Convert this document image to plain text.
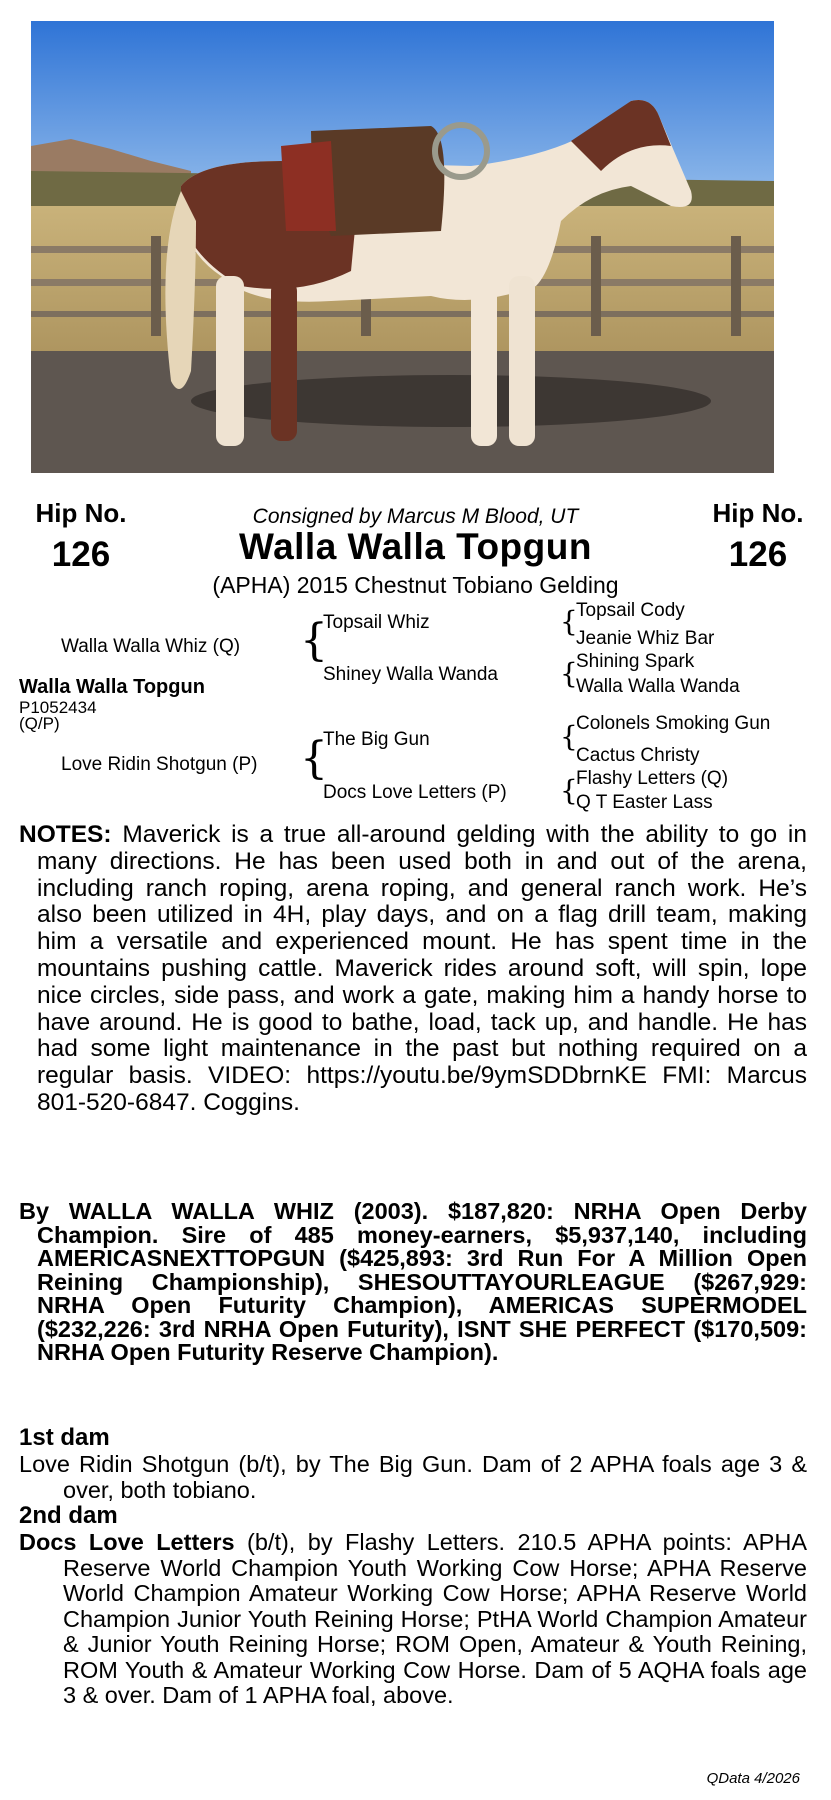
Hip No.
126
Hip No.
126
Consigned by Marcus M Blood, UT
Walla Walla Topgun
(APHA) 2015 Chestnut Tobiano Gelding
Walla Walla Whiz (Q)
Love Ridin Shotgun (P)
Walla Walla Topgun
P1052434
(Q/P)
{
{
Topsail Whiz
Shiney Walla Wanda
The Big Gun
Docs Love Letters (P)
{
{
{
{
Topsail Cody
Jeanie Whiz Bar
Shining Spark
Walla Walla Wanda
Colonels Smoking Gun
Cactus Christy
Flashy Letters (Q)
Q T Easter Lass
NOTES: Maverick is a true all-around gelding with the ability to go in many directions. He has been used both in and out of the arena, including ranch roping, arena roping, and general ranch work. He’s also been utilized in 4H, play days, and on a flag drill team, making him a versatile and experienced mount. He has spent time in the mountains pushing cattle. Maverick rides around soft, will spin, lope nice circles, side pass, and work a gate, making him a handy horse to have around. He is good to bathe, load, tack up, and handle. He has had some light maintenance in the past but nothing required on a regular basis. VIDEO: https://youtu.be/9ymSDDbrnKE FMI: Marcus 801-520-6847. Coggins.
By WALLA WALLA WHIZ (2003). $187,820: NRHA Open Derby Champion. Sire of 485 money-earners, $5,937,140, including AMERICASNEXTTOPGUN ($425,893: 3rd Run For A Million Open Reining Championship), SHESOUTTAYOURLEAGUE ($267,929: NRHA Open Futurity Champion), AMERICAS SUPERMODEL ($232,226: 3rd NRHA Open Futurity), ISNT SHE PERFECT ($170,509: NRHA Open Futurity Reserve Champion).
1st dam
Love Ridin Shotgun (b/t), by The Big Gun. Dam of 2 APHA foals age 3 & over, both tobiano.
2nd dam
Docs Love Letters (b/t), by Flashy Letters. 210.5 APHA points: APHA Reserve World Champion Youth Working Cow Horse; APHA Reserve World Champion Amateur Working Cow Horse; APHA Reserve World Champion Junior Youth Reining Horse; PtHA World Champion Amateur & Junior Youth Reining Horse; ROM Open, Amateur & Youth Reining, ROM Youth & Amateur Working Cow Horse. Dam of 5 AQHA foals age 3 & over. Dam of 1 APHA foal, above.
QData 4/2026
